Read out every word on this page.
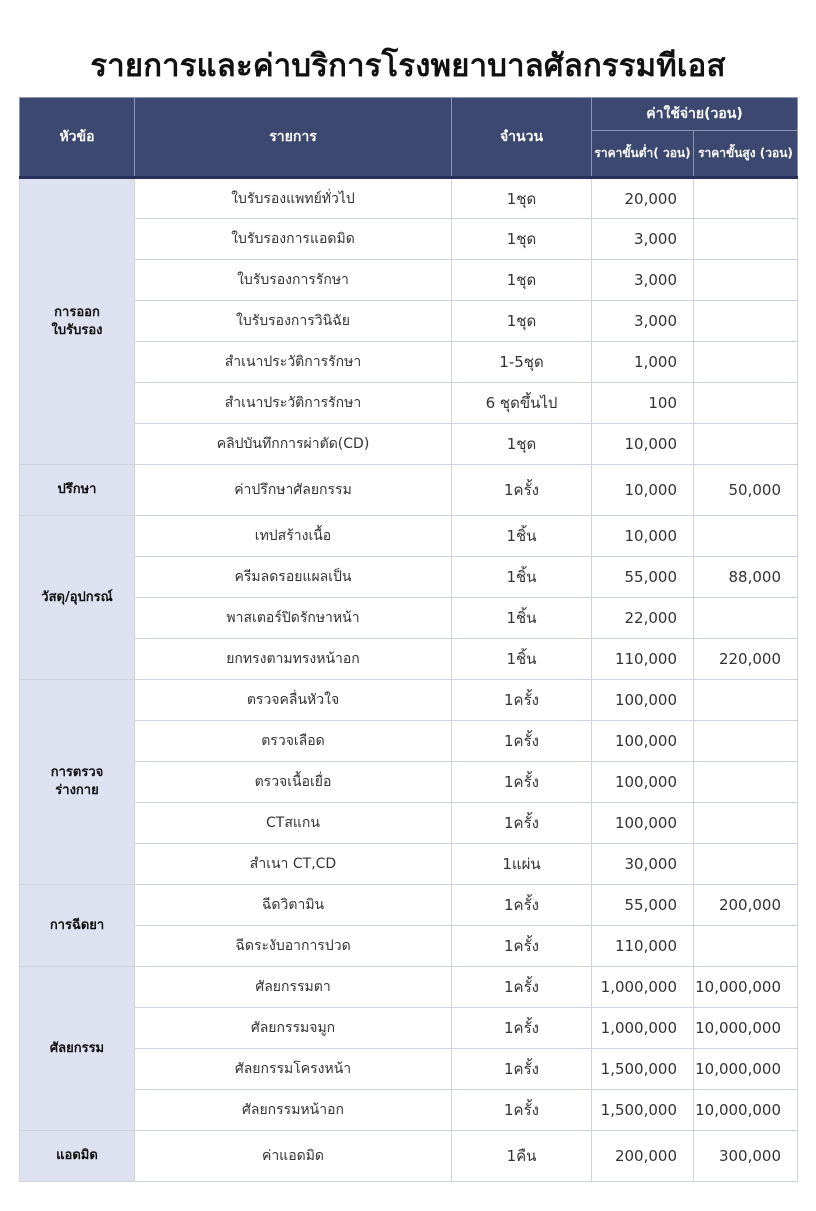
รายการและค่าบริการโรงพยาบาลศัลกรรมทีเอส
หัวข้อ	รายการ	จำนวน	ค่าใช้จ่าย(วอน)	
			ราคาขั้นต่ำ( วอน)	ราคาขั้นสูง (วอน)

การออก
ใบรับรอง	ใบรับรองแพทย์ทั่วไป	1ชุด	20,000	
	ใบรับรองการแอดมิด	1ชุด	3,000	
	ใบรับรองการรักษา	1ชุด	3,000	
	ใบรับรองการวินิฉัย	1ชุด	3,000	
	สำเนาประวัติการรักษา	1-5ชุด	1,000	
	สำเนาประวัติการรักษา	6 ชุดขึ้นไป	100	
	คลิปบันทึกการผ่าตัด(CD)	1ชุด	10,000	

ปรึกษา	ค่าปรึกษาศัลยกรรม	1ครั้ง	10,000	50,000

วัสดุ/อุปกรณ์	เทปสร้างเนื้อ	1ชิ้น	10,000	
	ครีมลดรอยแผลเป็น	1ชิ้น	55,000	88,000
	พาสเตอร์ปิดรักษาหน้า	1ชิ้น	22,000	
	ยกทรงตามทรงหน้าอก	1ชิ้น	110,000	220,000

การตรวจ
ร่างกาย	ตรวจคลื่นหัวใจ	1ครั้ง	100,000	
	ตรวจเลือด	1ครั้ง	100,000	
	ตรวจเนื้อเยื่อ	1ครั้ง	100,000	
	CTสแกน	1ครั้ง	100,000	
	สำเนา CT,CD	1แผ่น	30,000	

การฉีดยา	ฉีดวิตามิน	1ครั้ง	55,000	200,000
	ฉีดระงับอาการปวด	1ครั้ง	110,000	

ศัลยกรรม	ศัลยกรรมตา	1ครั้ง	1,000,000	10,000,000
	ศัลยกรรมจมูก	1ครั้ง	1,000,000	10,000,000
	ศัลยกรรมโครงหน้า	1ครั้ง	1,500,000	10,000,000
	ศัลยกรรมหน้าอก	1ครั้ง	1,500,000	10,000,000

แอดมิด	ค่าแอดมิด	1คืน	200,000	300,000
